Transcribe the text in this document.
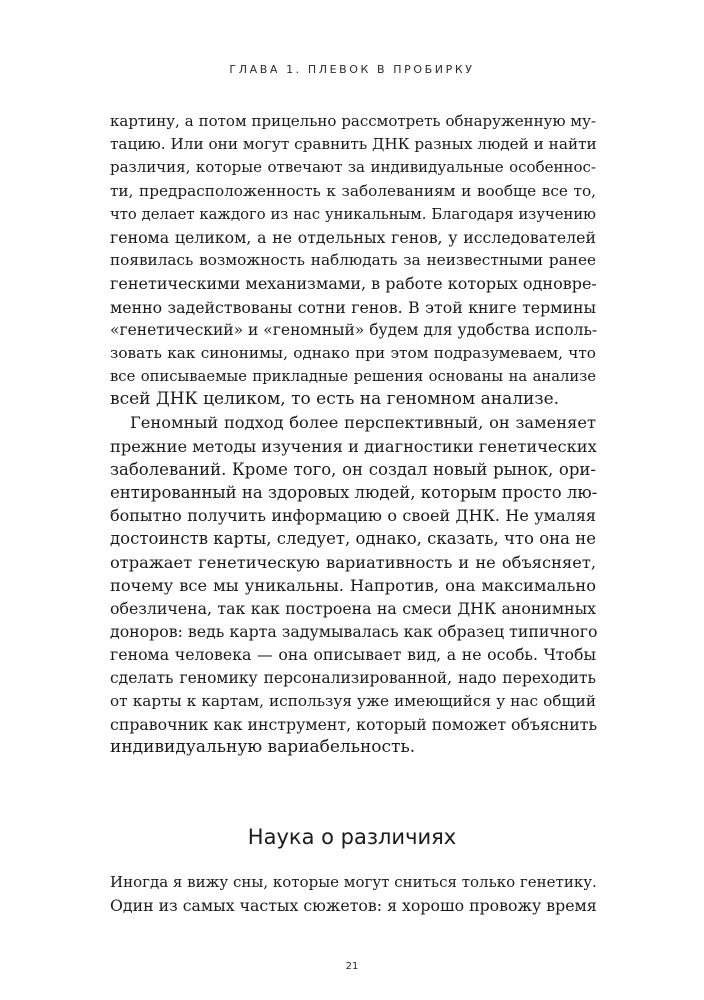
ГЛАВА 1. ПЛЕВОК В ПРОБИРКУ
картину, а потом прицельно рассмотреть обнаруженную му-
тацию. Или они могут сравнить ДНК разных людей и найти
различия, которые отвечают за индивидуальные особеннос-
ти, предрасположенность к заболеваниям и вообще все то,
что делает каждого из нас уникальным. Благодаря изучению
генома целиком, а не отдельных генов, у исследователей
появилась возможность наблюдать за неизвестными ранее
генетическими механизмами, в работе которых одновре-
менно задействованы сотни генов. В этой книге термины
«генетический» и «геномный» будем для удобства исполь-
зовать как синонимы, однако при этом подразумеваем, что
все описываемые прикладные решения основаны на анализе
всей ДНК целиком, то есть на геномном анализе.
Геномный подход более перспективный, он заменяет
прежние методы изучения и диагностики генетических
заболеваний. Кроме того, он создал новый рынок, ори-
ентированный на здоровых людей, которым просто лю-
бопытно получить информацию о своей ДНК. Не умаляя
достоинств карты, следует, однако, сказать, что она не
отражает генетическую вариативность и не объясняет,
почему все мы уникальны. Напротив, она максимально
обезличена, так как построена на смеси ДНК анонимных
доноров: ведь карта задумывалась как образец типичного
генома человека — она описывает вид, а не особь. Чтобы
сделать геномику персонализированной, надо переходить
от карты к картам, используя уже имеющийся у нас общий
справочник как инструмент, который поможет объяснить
индивидуальную вариабельность.
Наука о различиях
Иногда я вижу сны, которые могут сниться только генетику.
Один из самых частых сюжетов: я хорошо провожу время
21
